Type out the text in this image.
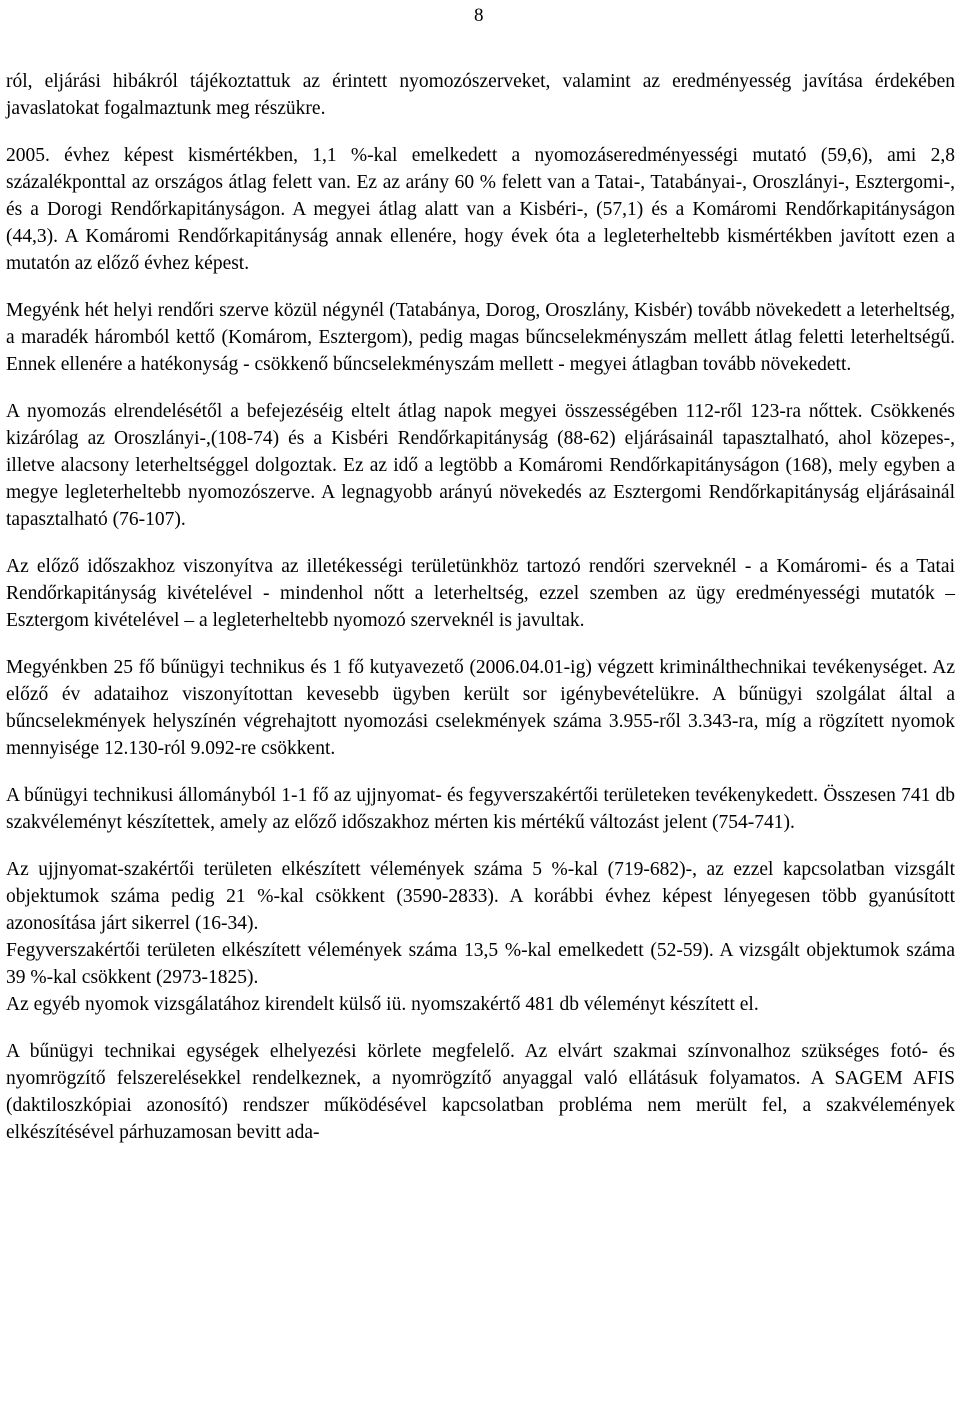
8

ról, eljárási hibákról tájékoztattuk az érintett nyomozószerveket, valamint az eredményesség javítása érdekében javaslatokat fogalmaztunk meg részükre.

2005. évhez képest kismértékben, 1,1 %-kal emelkedett a nyomozáseredményességi mutató (59,6), ami 2,8 százalékponttal az országos átlag felett van. Ez az arány 60 % felett van a Tatai-, Tatabányai-, Oroszlányi-, Esztergomi-, és a Dorogi Rendőrkapitányságon. A megyei átlag alatt van a Kisbéri-, (57,1) és a Komáromi Rendőrkapitányságon (44,3). A Komáromi Rendőrkapitányság annak ellenére, hogy évek óta a legleterheltebb kismértékben javított ezen a mutatón az előző évhez képest.

Megyénk hét helyi rendőri szerve közül négynél (Tatabánya, Dorog, Oroszlány, Kisbér) tovább növekedett a leterheltség, a maradék háromból kettő (Komárom, Esztergom), pedig magas bűncselekményszám mellett átlag feletti leterheltségű. Ennek ellenére a hatékonyság - csökkenő bűncselekményszám mellett - megyei átlagban tovább növekedett.

A nyomozás elrendelésétől a befejezéséig eltelt átlag napok megyei összességében 112-ről 123-ra nőttek. Csökkenés kizárólag az Oroszlányi-,(108-74) és a Kisbéri Rendőrkapitányság (88-62) eljárásainál tapasztalható, ahol közepes-, illetve alacsony leterheltséggel dolgoztak. Ez az idő a legtöbb a Komáromi Rendőrkapitányságon (168), mely egyben a megye legleterheltebb nyomozószerve. A legnagyobb arányú növekedés az Esztergomi Rendőrkapitányság eljárásainál tapasztalható (76-107).

Az előző időszakhoz viszonyítva az illetékességi területünkhöz tartozó rendőri szerveknél - a Komáromi- és a Tatai Rendőrkapitányság kivételével - mindenhol nőtt a leterheltség, ezzel szemben az ügy eredményességi mutatók – Esztergom kivételével – a legleterheltebb nyomozó szerveknél is javultak.

Megyénkben 25 fő bűnügyi technikus és 1 fő kutyavezető (2006.04.01-ig) végzett kriminálthechnikai tevékenységet. Az előző év adataihoz viszonyítottan kevesebb ügyben került sor igénybevételükre. A bűnügyi szolgálat által a bűncselekmények helyszínén végrehajtott nyomozási cselekmények száma 3.955-ről 3.343-ra, míg a rögzített nyomok mennyisége 12.130-ról 9.092-re csökkent.

A bűnügyi technikusi állományból 1-1 fő az ujjnyomat- és fegyverszakértői területeken tevékenykedett. Összesen 741 db szakvéleményt készítettek, amely az előző időszakhoz mérten kis mértékű változást jelent (754-741).

Az ujjnyomat-szakértői területen elkészített vélemények száma 5 %-kal (719-682)-, az ezzel kapcsolatban vizsgált objektumok száma pedig 21 %-kal csökkent (3590-2833). A korábbi évhez képest lényegesen több gyanúsított azonosítása járt sikerrel (16-34).

Fegyverszakértői területen elkészített vélemények száma 13,5 %-kal emelkedett (52-59). A vizsgált objektumok száma 39 %-kal csökkent (2973-1825).

Az egyéb nyomok vizsgálatához kirendelt külső iü. nyomszakértő 481 db véleményt készített el.

A bűnügyi technikai egységek elhelyezési körlete megfelelő. Az elvárt szakmai színvonalhoz szükséges fotó- és nyomrögzítő felszerelésekkel rendelkeznek, a nyomrögzítő anyaggal való ellátásuk folyamatos. A SAGEM AFIS (daktiloszkópiai azonosító) rendszer működésével kapcsolatban probléma nem merült fel, a szakvélemények elkészítésével párhuzamosan bevitt ada-
